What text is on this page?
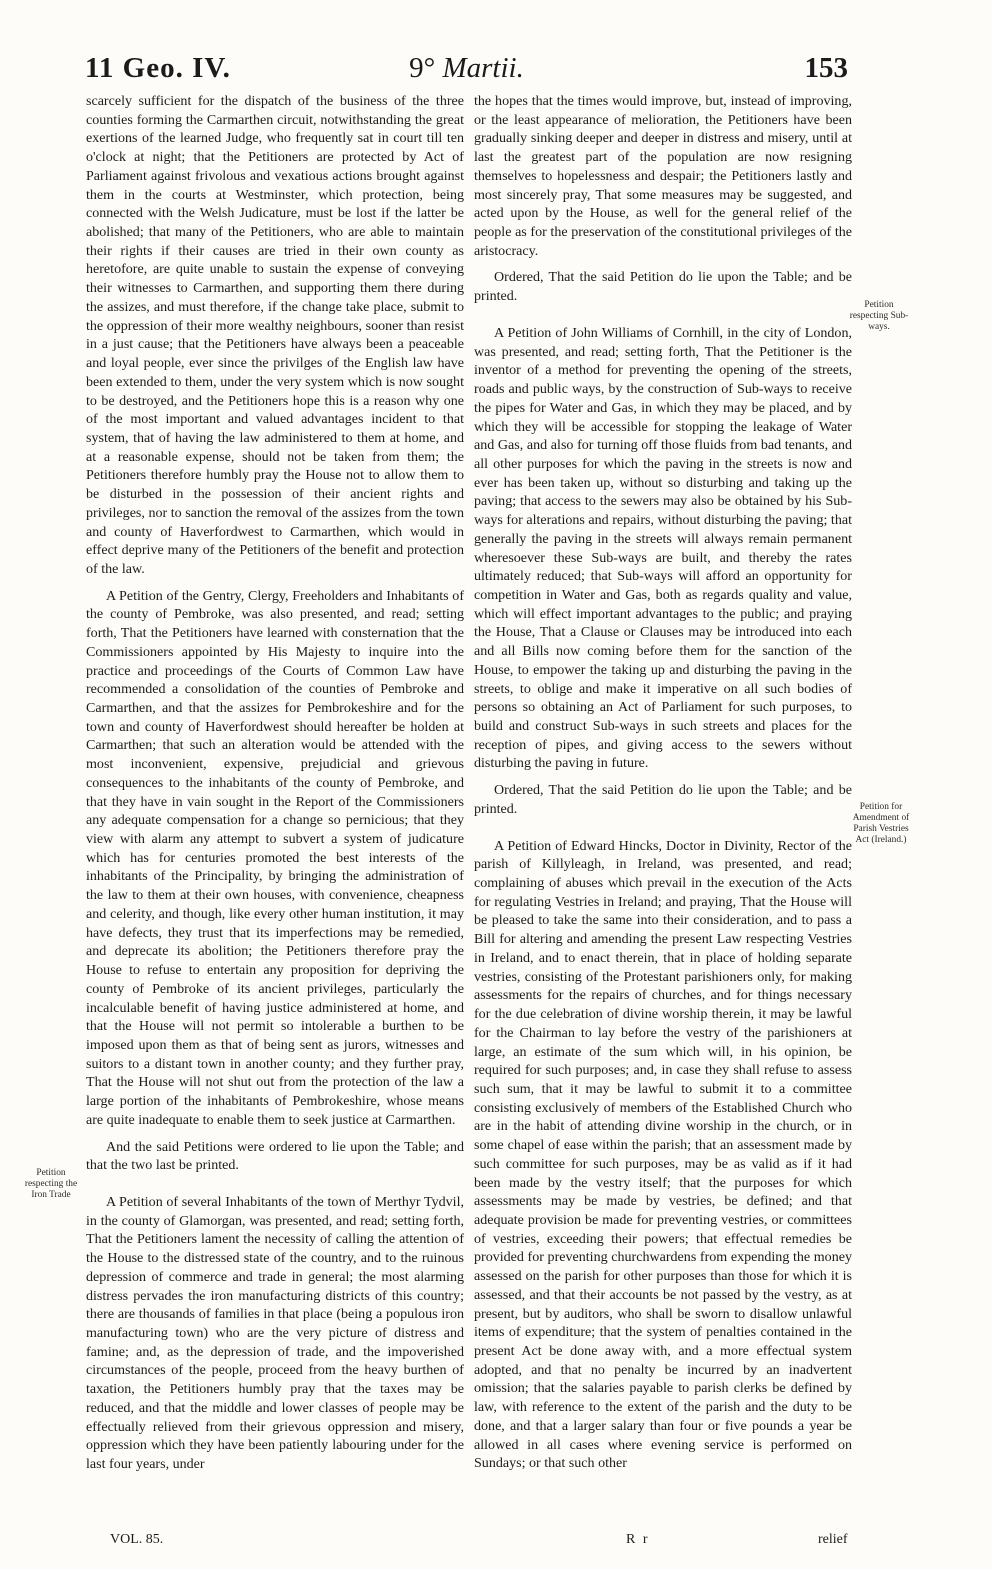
11 Geo. IV.	9° Martii.	153
Petition respecting the Iron Trade
Petition respecting Sub-ways.
Petition for Amendment of Parish Vestries Act (Ireland.)

scarcely sufficient for the dispatch of the business of the three counties forming the Carmarthen circuit, notwithstanding the great exertions of the learned Judge, who frequently sat in court till ten o'clock at night; that the Petitioners are protected by Act of Parliament against frivolous and vexatious actions brought against them in the courts at Westminster, which protection, being connected with the Welsh Judicature, must be lost if the latter be abolished; that many of the Petitioners, who are able to maintain their rights if their causes are tried in their own county as heretofore, are quite unable to sustain the expense of conveying their witnesses to Carmarthen, and supporting them there during the assizes, and must therefore, if the change take place, submit to the oppression of their more wealthy neighbours, sooner than resist in a just cause; that the Petitioners have always been a peaceable and loyal people, ever since the privilges of the English law have been extended to them, under the very system which is now sought to be destroyed, and the Petitioners hope this is a reason why one of the most important and valued advantages incident to that system, that of having the law administered to them at home, and at a reasonable expense, should not be taken from them; the Petitioners therefore humbly pray the House not to allow them to be disturbed in the possession of their ancient rights and privileges, nor to sanction the removal of the assizes from the town and county of Haverfordwest to Carmarthen, which would in effect deprive many of the Petitioners of the benefit and protection of the law.

A Petition of the Gentry, Clergy, Freeholders and Inhabitants of the county of Pembroke, was also presented, and read; setting forth, That the Petitioners have learned with consternation that the Commissioners appointed by His Majesty to inquire into the practice and proceedings of the Courts of Common Law have recommended a consolidation of the counties of Pembroke and Carmarthen, and that the assizes for Pembrokeshire and for the town and county of Haverfordwest should hereafter be holden at Carmarthen; that such an alteration would be attended with the most inconvenient, expensive, prejudicial and grievous consequences to the inhabitants of the county of Pembroke, and that they have in vain sought in the Report of the Commissioners any adequate compensation for a change so pernicious; that they view with alarm any attempt to subvert a system of judicature which has for centuries promoted the best interests of the inhabitants of the Principality, by bringing the administration of the law to them at their own houses, with convenience, cheapness and celerity, and though, like every other human institution, it may have defects, they trust that its imperfections may be remedied, and deprecate its abolition; the Petitioners therefore pray the House to refuse to entertain any proposition for depriving the county of Pembroke of its ancient privileges, particularly the incalculable benefit of having justice administered at home, and that the House will not permit so intolerable a burthen to be imposed upon them as that of being sent as jurors, witnesses and suitors to a distant town in another county; and they further pray, That the House will not shut out from the protection of the law a large portion of the inhabitants of Pembrokeshire, whose means are quite inadequate to enable them to seek justice at Carmarthen.

And the said Petitions were ordered to lie upon the Table; and that the two last be printed.

A Petition of several Inhabitants of the town of Merthyr Tydvil, in the county of Glamorgan, was presented, and read; setting forth, That the Petitioners lament the necessity of calling the attention of the House to the distressed state of the country, and to the ruinous depression of commerce and trade in general; the most alarming distress pervades the iron manufacturing districts of this country; there are thousands of families in that place (being a populous iron manufacturing town) who are the very picture of distress and famine; and, as the depression of trade, and the impoverished circumstances of the people, proceed from the heavy burthen of taxation, the Petitioners humbly pray that the taxes may be reduced, and that the middle and lower classes of people may be effectually relieved from their grievous oppression and misery, oppression which they have been patiently labouring under for the last four years, under

the hopes that the times would improve, but, instead of improving, or the least appearance of melioration, the Petitioners have been gradually sinking deeper and deeper in distress and misery, until at last the greatest part of the population are now resigning themselves to hopelessness and despair; the Petitioners lastly and most sincerely pray, That some measures may be suggested, and acted upon by the House, as well for the general relief of the people as for the preservation of the constitutional privileges of the aristocracy.

Ordered, That the said Petition do lie upon the Table; and be printed.

A Petition of John Williams of Cornhill, in the city of London, was presented, and read; setting forth, That the Petitioner is the inventor of a method for preventing the opening of the streets, roads and public ways, by the construction of Sub-ways to receive the pipes for Water and Gas, in which they may be placed, and by which they will be accessible for stopping the leakage of Water and Gas, and also for turning off those fluids from bad tenants, and all other purposes for which the paving in the streets is now and ever has been taken up, without so disturbing and taking up the paving; that access to the sewers may also be obtained by his Sub-ways for alterations and repairs, without disturbing the paving; that generally the paving in the streets will always remain permanent wheresoever these Sub-ways are built, and thereby the rates ultimately reduced; that Sub-ways will afford an opportunity for competition in Water and Gas, both as regards quality and value, which will effect important advantages to the public; and praying the House, That a Clause or Clauses may be introduced into each and all Bills now coming before them for the sanction of the House, to empower the taking up and disturbing the paving in the streets, to oblige and make it imperative on all such bodies of persons so obtaining an Act of Parliament for such purposes, to build and construct Sub-ways in such streets and places for the reception of pipes, and giving access to the sewers without disturbing the paving in future.

Ordered, That the said Petition do lie upon the Table; and be printed.

A Petition of Edward Hincks, Doctor in Divinity, Rector of the parish of Killyleagh, in Ireland, was presented, and read; complaining of abuses which prevail in the execution of the Acts for regulating Vestries in Ireland; and praying, That the House will be pleased to take the same into their consideration, and to pass a Bill for altering and amending the present Law respecting Vestries in Ireland, and to enact therein, that in place of holding separate vestries, consisting of the Protestant parishioners only, for making assessments for the repairs of churches, and for things necessary for the due celebration of divine worship therein, it may be lawful for the Chairman to lay before the vestry of the parishioners at large, an estimate of the sum which will, in his opinion, be required for such purposes; and, in case they shall refuse to assess such sum, that it may be lawful to submit it to a committee consisting exclusively of members of the Established Church who are in the habit of attending divine worship in the church, or in some chapel of ease within the parish; that an assessment made by such committee for such purposes, may be as valid as if it had been made by the vestry itself; that the purposes for which assessments may be made by vestries, be defined; and that adequate provision be made for preventing vestries, or committees of vestries, exceeding their powers; that effectual remedies be provided for preventing churchwardens from expending the money assessed on the parish for other purposes than those for which it is assessed, and that their accounts be not passed by the vestry, as at present, but by auditors, who shall be sworn to disallow unlawful items of expenditure; that the system of penalties contained in the present Act be done away with, and a more effectual system adopted, and that no penalty be incurred by an inadvertent omission; that the salaries payable to parish clerks be defined by law, with reference to the extent of the parish and the duty to be done, and that a larger salary than four or five pounds a year be allowed in all cases where evening service is performed on Sundays; or that such other

VOL. 85.	R r	relief
